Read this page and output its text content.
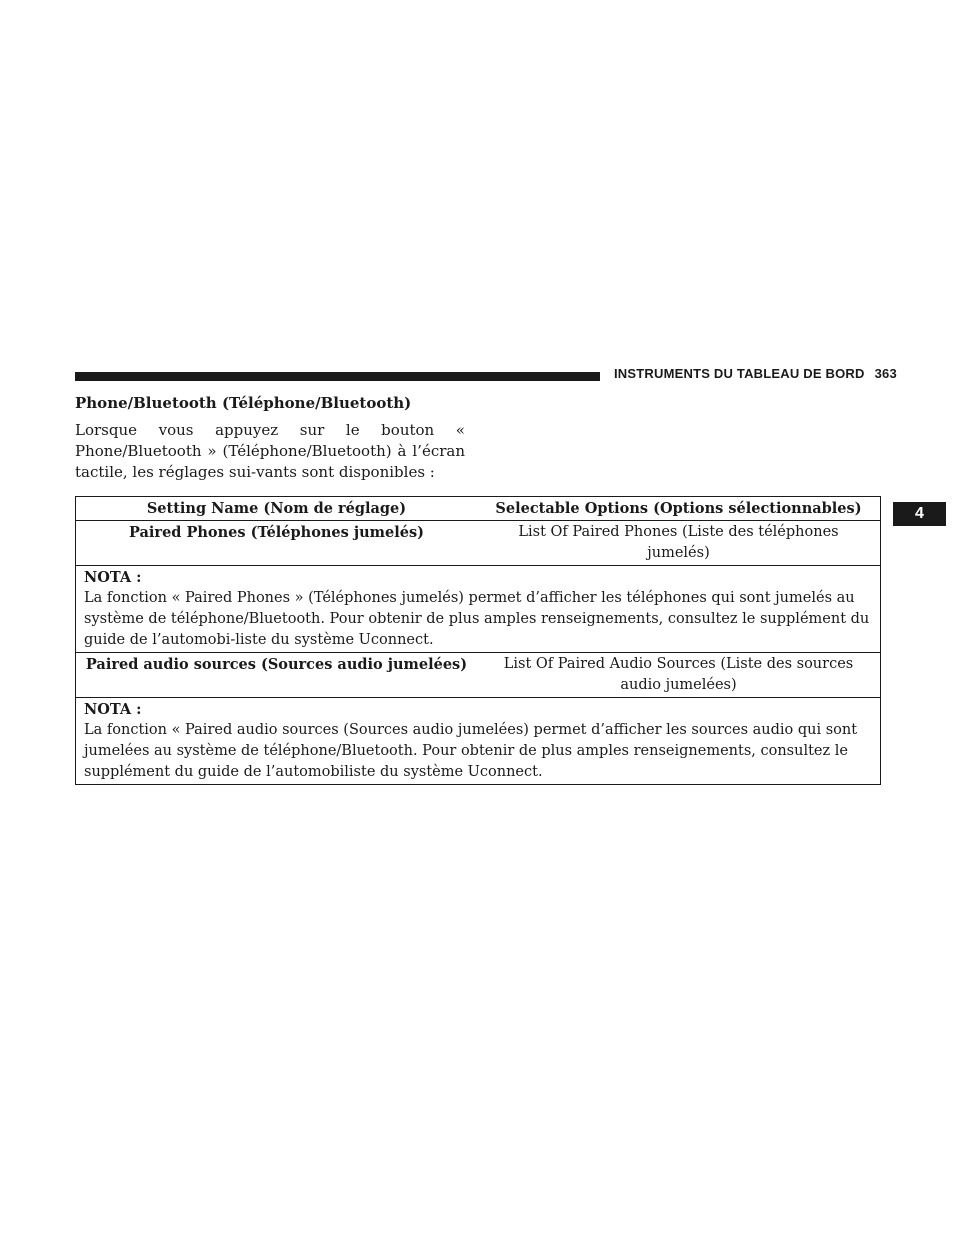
INSTRUMENTS DU TABLEAU DE BORD 363
Phone/Bluetooth (Téléphone/Bluetooth)

Lorsque vous appuyez sur le bouton « Phone/Bluetooth » (Téléphone/Bluetooth) à l’écran tactile, les réglages sui-vants sont disponibles :

4
Setting Name (Nom de réglage)	Selectable Options (Options sélectionnables)
Paired Phones (Téléphones jumelés)	List Of Paired Phones (Liste des téléphones jumelés)

NOTA :
La fonction « Paired Phones » (Téléphones jumelés) permet d’afficher les téléphones qui sont jumelés au système de téléphone/Bluetooth. Pour obtenir de plus amples renseignements, consultez le supplément du guide de l’automobi-liste du système Uconnect.	
Paired audio sources (Sources audio jumelées)	List Of Paired Audio Sources (Liste des sources audio jumelées)

NOTA :
La fonction « Paired audio sources (Sources audio jumelées) permet d’afficher les sources audio qui sont jumelées au système de téléphone/Bluetooth. Pour obtenir de plus amples renseignements, consultez le supplément du guide de l’automobiliste du système Uconnect.	
